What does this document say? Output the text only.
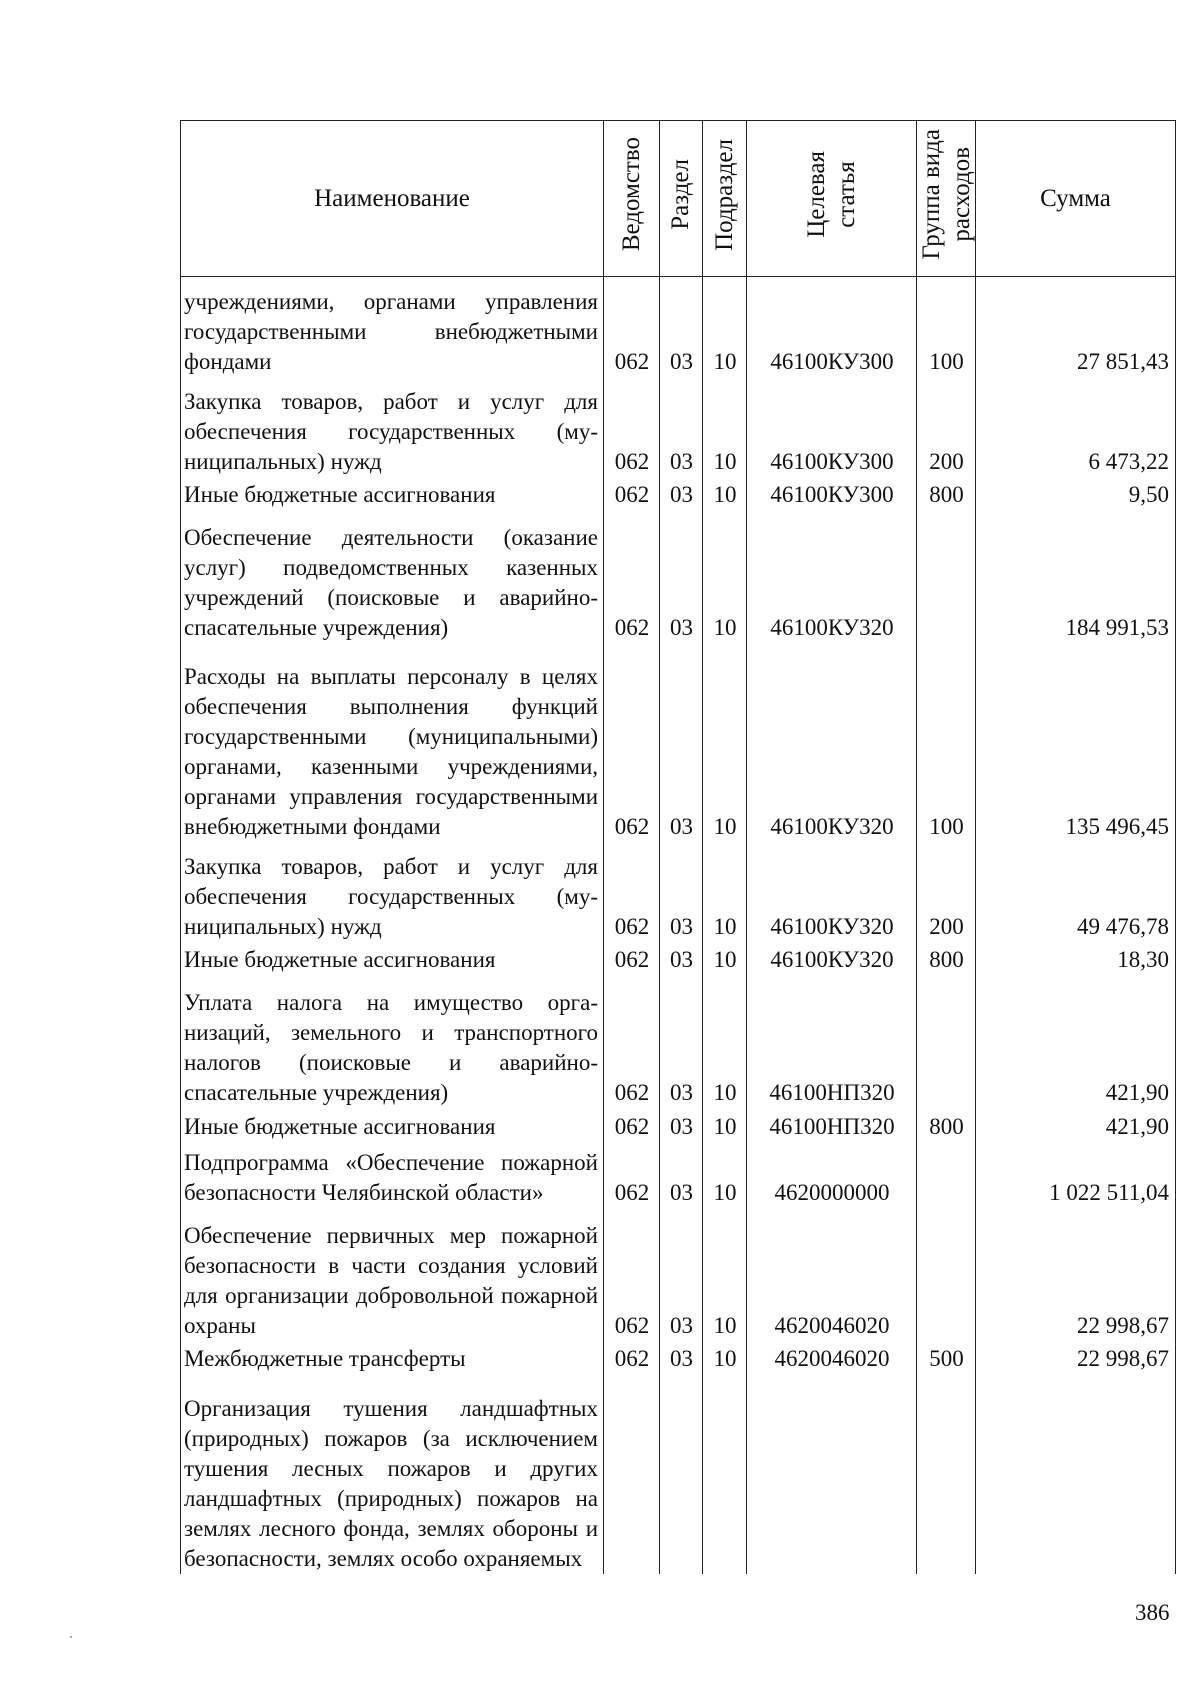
Наименование	Ведомство	Раздел	Подраздел	Целевая статья	Группа вида расходов	Сумма
учреждениями, органами управления государственными внебюджетными фондами	062	03	10	46100КУ300	100	27 851,43
Закупка товаров, работ и услуг для обеспечения государственных (муниципальных) нужд	062	03	10	46100КУ300	200	6 473,22
Иные бюджетные ассигнования	062	03	10	46100КУ300	800	9,50
Обеспечение деятельности (оказание услуг) подведомственных казенных учреждений (поисковые и аварийно-спасательные учреждения)	062	03	10	46100КУ320		184 991,53
Расходы на выплаты персоналу в целях обеспечения выполнения функций государственными (муниципальными) органами, казенными учреждениями, органами управления государственными внебюджетными фондами	062	03	10	46100КУ320	100	135 496,45
Закупка товаров, работ и услуг для обеспечения государственных (муниципальных) нужд	062	03	10	46100КУ320	200	49 476,78
Иные бюджетные ассигнования	062	03	10	46100КУ320	800	18,30
Уплата налога на имущество организаций, земельного и транспортного налогов (поисковые и аварийно-спасательные учреждения)	062	03	10	46100НП320		421,90
Иные бюджетные ассигнования	062	03	10	46100НП320	800	421,90
Подпрограмма «Обеспечение пожарной безопасности Челябинской области»	062	03	10	4620000000		1 022 511,04
Обеспечение первичных мер пожарной безопасности в части создания условий для организации добровольной пожарной охраны	062	03	10	4620046020		22 998,67
Межбюджетные трансферты	062	03	10	4620046020	500	22 998,67
Организация тушения ландшафтных (природных) пожаров (за исключением тушения лесных пожаров и других ландшафтных (природных) пожаров на землях лесного фонда, землях обороны и безопасности, землях особо охраняемых						

386
